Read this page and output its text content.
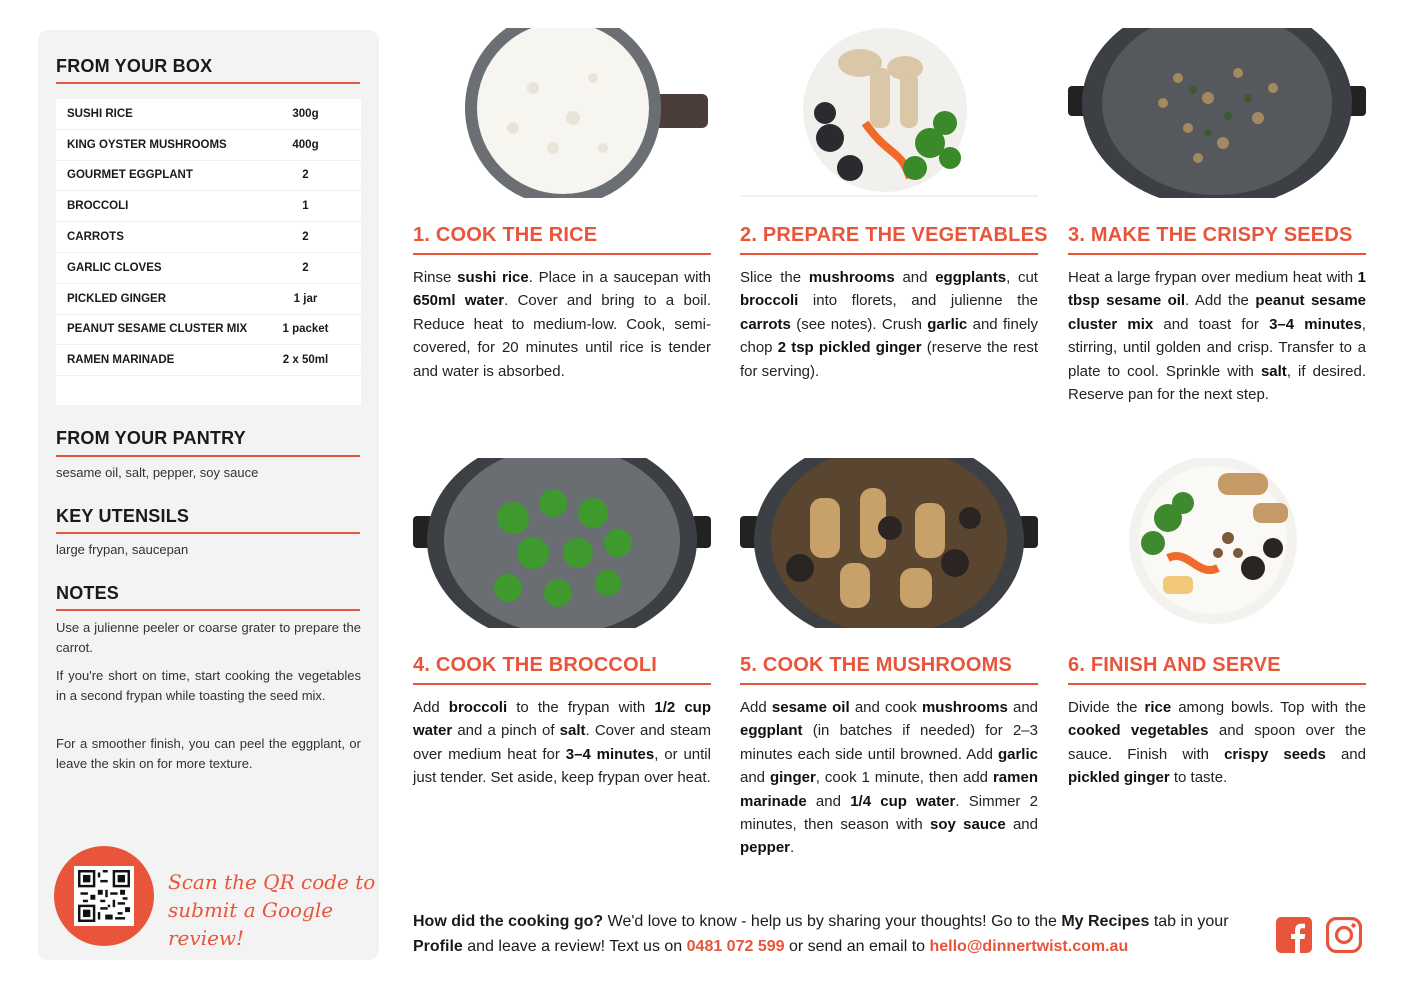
FROM YOUR BOX
SUSHI RICE	300g
KING OYSTER MUSHROOMS	400g
GOURMET EGGPLANT	2
BROCCOLI	1
CARROTS	2
GARLIC CLOVES	2
PICKLED GINGER	1 jar
PEANUT SESAME CLUSTER MIX	1 packet
RAMEN MARINADE	2 x 50ml
FROM YOUR PANTRY
sesame oil, salt, pepper, soy sauce
KEY UTENSILS
large frypan, saucepan
NOTES
Use a julienne peeler or coarse grater to prepare the carrot.
If you're short on time, start cooking the vegetables in a second frypan while toasting the seed mix.
For a smoother finish, you can peel the eggplant, or leave the skin on for more texture.
Scan the QR code to
submit a Google review!
1. COOK THE RICE
Rinse sushi rice. Place in a saucepan with 650ml water. Cover and bring to a boil. Reduce heat to medium-low. Cook, semi-covered, for 20 minutes until rice is tender and water is absorbed.
2. PREPARE THE VEGETABLES
Slice the mushrooms and eggplants, cut broccoli into florets, and julienne the carrots (see notes). Crush garlic and finely chop 2 tsp pickled ginger (reserve the rest for serving).
3. MAKE THE CRISPY SEEDS
Heat a large frypan over medium heat with 1 tbsp sesame oil. Add the peanut sesame cluster mix and toast for 3–4 minutes, stirring, until golden and crisp. Transfer to a plate to cool. Sprinkle with salt, if desired. Reserve pan for the next step.
4. COOK THE BROCCOLI
Add broccoli to the frypan with 1/2 cup water and a pinch of salt. Cover and steam over medium heat for 3–4 minutes, or until just tender. Set aside, keep frypan over heat.
5. COOK THE MUSHROOMS
Add sesame oil and cook mushrooms and eggplant (in batches if needed) for 2–3 minutes each side until browned. Add garlic and ginger, cook 1 minute, then add ramen marinade and 1/4 cup water. Simmer 2 minutes, then season with soy sauce and pepper.
6. FINISH AND SERVE
Divide the rice among bowls. Top with the cooked vegetables and spoon over the sauce. Finish with crispy seeds and pickled ginger to taste.
How did the cooking go? We'd love to know - help us by sharing your thoughts! Go to the My Recipes tab in your Profile and leave a review! Text us on 0481 072 599 or send an email to hello@dinnertwist.com.au
